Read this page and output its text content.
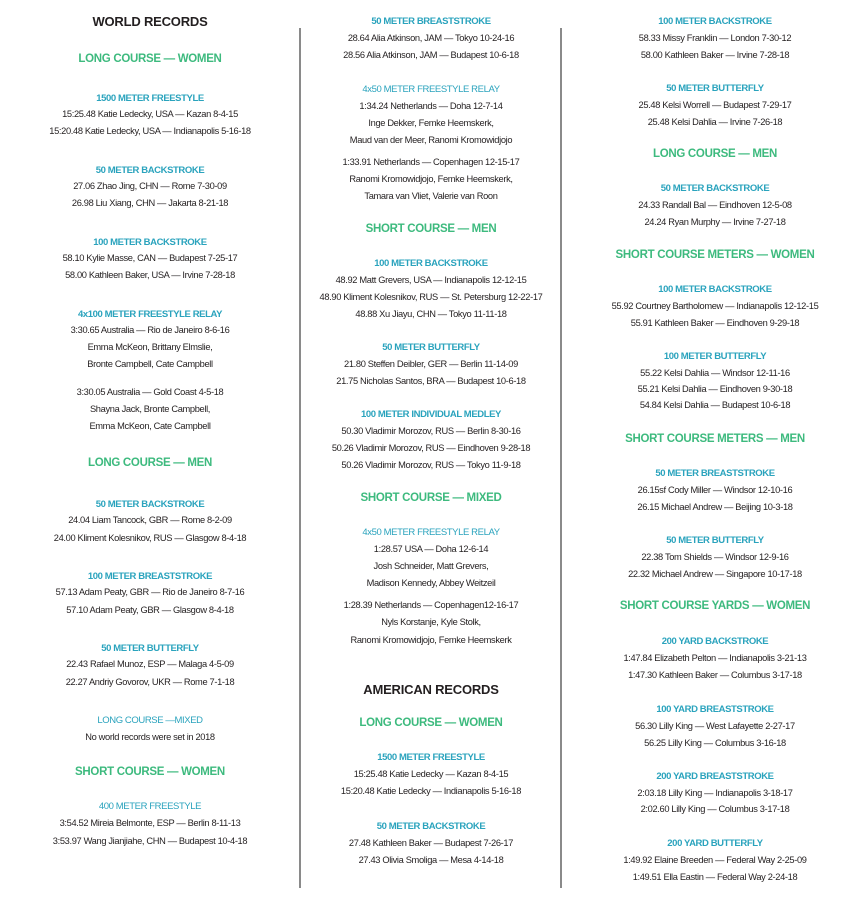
WORLD RECORDS
LONG COURSE — WOMEN
1500 METER FREESTYLE
15:25.48 Katie Ledecky, USA — Kazan 8-4-15
15:20.48 Katie Ledecky, USA — Indianapolis 5-16-18
50 METER BACKSTROKE
27.06 Zhao Jing, CHN — Rome 7-30-09
26.98 Liu Xiang, CHN — Jakarta 8-21-18
100 METER BACKSTROKE
58.10 Kylie Masse, CAN — Budapest 7-25-17
58.00 Kathleen Baker, USA — Irvine 7-28-18
4x100 METER FREESTYLE RELAY
3:30.65 Australia — Rio de Janeiro 8-6-16
Emma McKeon, Brittany Elmslie,
Bronte Campbell, Cate Campbell
3:30.05 Australia — Gold Coast 4-5-18
Shayna Jack, Bronte Campbell,
Emma McKeon, Cate Campbell
LONG COURSE — MEN
50 METER BACKSTROKE
24.04 Liam Tancock, GBR — Rome 8-2-09
24.00 Kliment Kolesnikov, RUS — Glasgow 8-4-18
100 METER BREASTSTROKE
57.13 Adam Peaty, GBR — Rio de Janeiro 8-7-16
57.10 Adam Peaty, GBR — Glasgow 8-4-18
50 METER BUTTERFLY
22.43 Rafael Munoz, ESP — Malaga 4-5-09
22.27 Andriy Govorov, UKR — Rome 7-1-18
LONG COURSE —MIXED
No world records were set in 2018
SHORT COURSE — WOMEN
400 METER FREESTYLE
3:54.52 Mireia Belmonte, ESP — Berlin 8-11-13
3:53.97 Wang Jianjiahe, CHN — Budapest 10-4-18
50 METER BREASTSTROKE
28.64 Alia Atkinson, JAM — Tokyo 10-24-16
28.56 Alia Atkinson, JAM — Budapest 10-6-18
4x50 METER FREESTYLE RELAY
1:34.24 Netherlands — Doha 12-7-14
Inge Dekker, Femke Heemskerk,
Maud van der Meer, Ranomi Kromowidjojo
1:33.91 Netherlands — Copenhagen 12-15-17
Ranomi Kromowidjojo, Femke Heemskerk,
Tamara van Vliet, Valerie van Roon
SHORT COURSE — MEN
100 METER BACKSTROKE
48.92 Matt Grevers, USA — Indianapolis 12-12-15
48.90 Kliment Kolesnikov, RUS — St. Petersburg 12-22-17
48.88 Xu Jiayu, CHN — Tokyo 11-11-18
50 METER BUTTERFLY
21.80 Steffen Deibler, GER — Berlin 11-14-09
21.75 Nicholas Santos, BRA — Budapest 10-6-18
100 METER INDIVIDUAL MEDLEY
50.30 Vladimir Morozov, RUS — Berlin 8-30-16
50.26 Vladimir Morozov, RUS — Eindhoven 9-28-18
50.26 Vladimir Morozov, RUS — Tokyo 11-9-18
SHORT COURSE — MIXED
4x50 METER FREESTYLE RELAY
1:28.57 USA — Doha 12-6-14
Josh Schneider, Matt Grevers,
Madison Kennedy, Abbey Weitzeil
1:28.39 Netherlands — Copenhagen12-16-17
Nyls Korstanje, Kyle Stolk,
Ranomi Kromowidjojo, Femke Heemskerk
AMERICAN RECORDS
LONG COURSE — WOMEN
1500 METER FREESTYLE
15:25.48 Katie Ledecky — Kazan 8-4-15
15:20.48 Katie Ledecky — Indianapolis 5-16-18
50 METER BACKSTROKE
27.48 Kathleen Baker — Budapest 7-26-17
27.43 Olivia Smoliga — Mesa 4-14-18
100 METER BACKSTROKE
58.33 Missy Franklin — London 7-30-12
58.00 Kathleen Baker — Irvine 7-28-18
50 METER BUTTERFLY
25.48 Kelsi Worrell — Budapest 7-29-17
25.48 Kelsi Dahlia — Irvine 7-26-18
LONG COURSE — MEN
50 METER BACKSTROKE
24.33 Randall Bal — Eindhoven 12-5-08
24.24 Ryan Murphy — Irvine 7-27-18
SHORT COURSE METERS — WOMEN
100 METER BACKSTROKE
55.92 Courtney Bartholomew — Indianapolis 12-12-15
55.91 Kathleen Baker — Eindhoven 9-29-18
100 METER BUTTERFLY
55.22 Kelsi Dahlia — Windsor 12-11-16
55.21 Kelsi Dahlia — Eindhoven 9-30-18
54.84 Kelsi Dahlia — Budapest 10-6-18
SHORT COURSE METERS — MEN
50 METER BREASTSTROKE
26.15sf Cody Miller — Windsor 12-10-16
26.15 Michael Andrew — Beijing 10-3-18
50 METER BUTTERFLY
22.38 Tom Shields — Windsor 12-9-16
22.32 Michael Andrew — Singapore 10-17-18
SHORT COURSE YARDS — WOMEN
200 YARD BACKSTROKE
1:47.84 Elizabeth Pelton — Indianapolis 3-21-13
1:47.30 Kathleen Baker — Columbus 3-17-18
100 YARD BREASTSTROKE
56.30 Lilly King — West Lafayette 2-27-17
56.25 Lilly King — Columbus 3-16-18
200 YARD BREASTSTROKE
2:03.18 Lilly King — Indianapolis 3-18-17
2:02.60 Lilly King — Columbus 3-17-18
200 YARD BUTTERFLY
1:49.92 Elaine Breeden — Federal Way 2-25-09
1:49.51 Ella Eastin — Federal Way 2-24-18
